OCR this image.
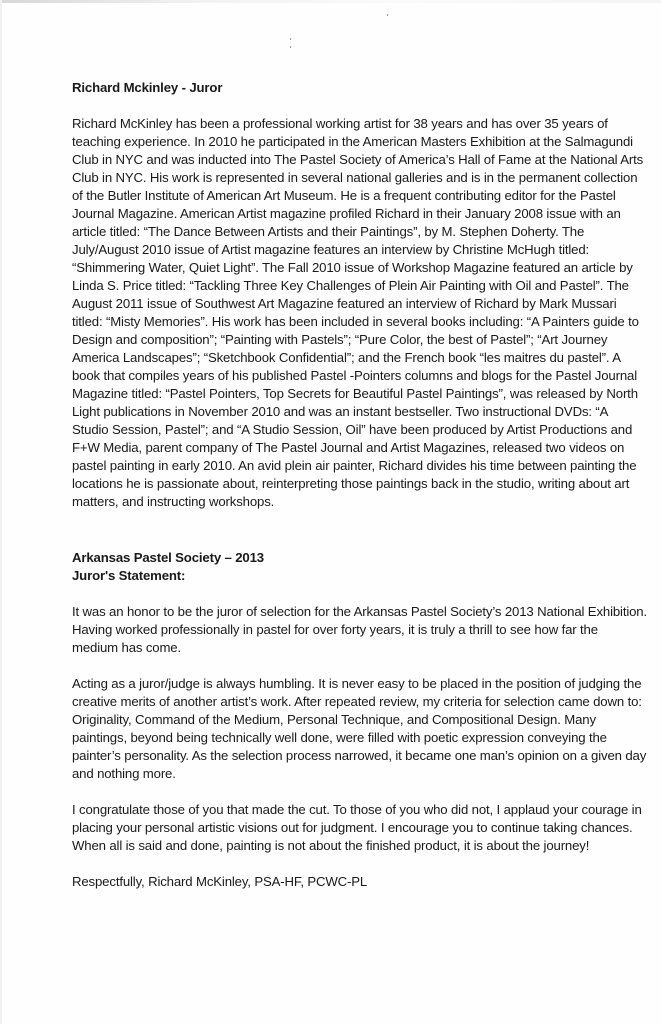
Richard Mckinley - Juror

Richard McKinley has been a professional working artist for 38 years and has over 35 years of teaching experience. In 2010 he participated in the American Masters Exhibition at the Salmagundi Club in NYC and was inducted into The Pastel Society of America’s Hall of Fame at the National Arts Club in NYC. His work is represented in several national galleries and is in the permanent collection of the Butler Institute of American Art Museum. He is a frequent contributing editor for the Pastel Journal Magazine. American Artist magazine profiled Richard in their January 2008 issue with an article titled: “The Dance Between Artists and their Paintings”, by M. Stephen Doherty. The July/August 2010 issue of Artist magazine features an interview by Christine McHugh titled: “Shimmering Water, Quiet Light”. The Fall 2010 issue of Workshop Magazine featured an article by Linda S. Price titled: “Tackling Three Key Challenges of Plein Air Painting with Oil and Pastel”. The August 2011 issue of Southwest Art Magazine featured an interview of Richard by Mark Mussari titled: “Misty Memories”. His work has been included in several books including: “A Painters guide to Design and composition”; “Painting with Pastels”; “Pure Color, the best of Pastel”; “Art Journey America Landscapes”; “Sketchbook Confidential”; and the French book “les maitres du pastel”. A book that compiles years of his published Pastel -Pointers columns and blogs for the Pastel Journal Magazine titled: “Pastel Pointers, Top Secrets for Beautiful Pastel Paintings”, was released by North Light publications in November 2010 and was an instant bestseller. Two instructional DVDs: “A Studio Session, Pastel”; and “A Studio Session, Oil” have been produced by Artist Productions and F+W Media, parent company of The Pastel Journal and Artist Magazines, released two videos on pastel painting in early 2010. An avid plein air painter, Richard divides his time between painting the locations he is passionate about, reinterpreting those paintings back in the studio, writing about art matters, and instructing workshops.

Arkansas Pastel Society – 2013

Juror's Statement:

It was an honor to be the juror of selection for the Arkansas Pastel Society’s 2013 National Exhibition. Having worked professionally in pastel for over forty years, it is truly a thrill to see how far the medium has come.

Acting as a juror/judge is always humbling. It is never easy to be placed in the position of judging the creative merits of another artist’s work. After repeated review, my criteria for selection came down to: Originality, Command of the Medium, Personal Technique, and Compositional Design. Many paintings, beyond being technically well done, were filled with poetic expression conveying the painter’s personality. As the selection process narrowed, it became one man’s opinion on a given day and nothing more.

I congratulate those of you that made the cut. To those of you who did not, I applaud your courage in placing your personal artistic visions out for judgment. I encourage you to continue taking chances. When all is said and done, painting is not about the finished product, it is about the journey!

Respectfully, Richard McKinley, PSA-HF, PCWC-PL
